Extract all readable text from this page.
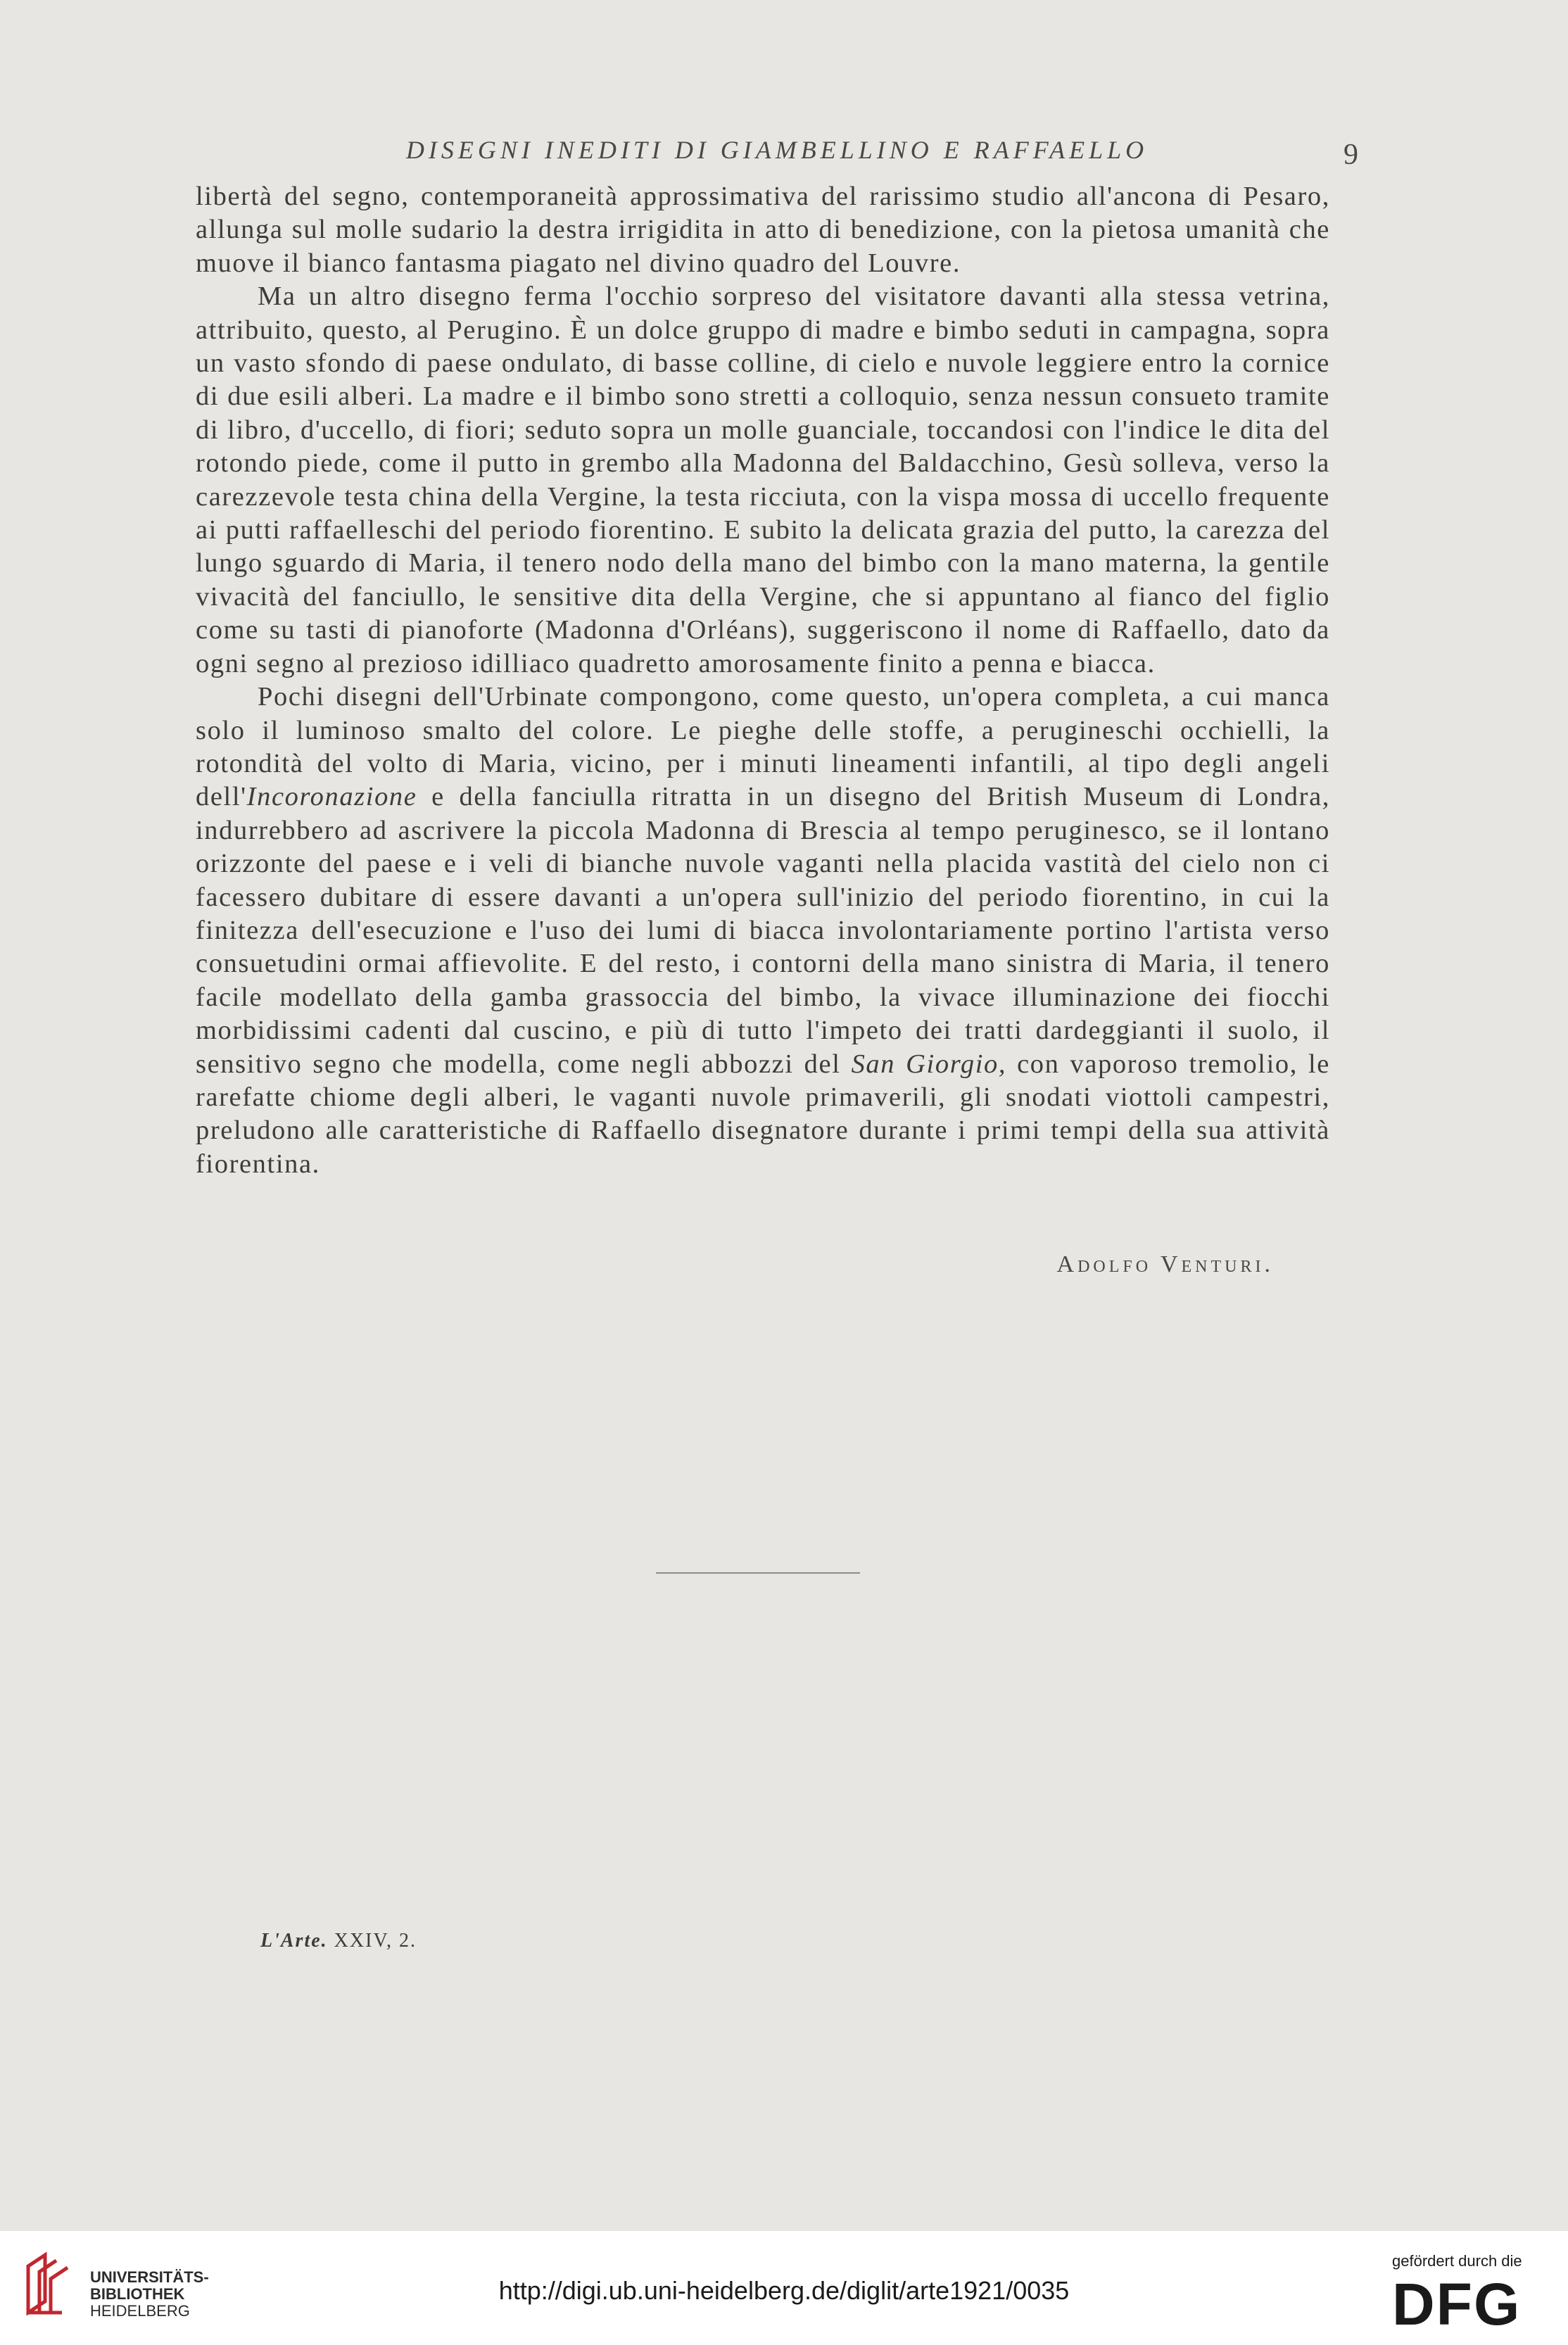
DISEGNI INEDITI DI GIAMBELLINO E RAFFAELLO	9

libertà del segno, contemporaneità approssimativa del rarissimo studio all'ancona di Pesaro, allunga sul molle sudario la destra irrigidita in atto di benedizione, con la pietosa umanità che muove il bianco fantasma piagato nel divino quadro del Louvre.

Ma un altro disegno ferma l'occhio sorpreso del visitatore davanti alla stessa vetrina, attribuito, questo, al Perugino. È un dolce gruppo di madre e bimbo seduti in campagna, sopra un vasto sfondo di paese ondulato, di basse colline, di cielo e nuvole leggiere entro la cornice di due esili alberi. La madre e il bimbo sono stretti a colloquio, senza nessun consueto tramite di libro, d'uccello, di fiori; seduto sopra un molle guanciale, toccandosi con l'indice le dita del rotondo piede, come il putto in grembo alla Madonna del Baldacchino, Gesù solleva, verso la carezzevole testa china della Vergine, la testa ricciuta, con la vispa mossa di uccello frequente ai putti raffaelleschi del periodo fiorentino. E subito la delicata grazia del putto, la carezza del lungo sguardo di Maria, il tenero nodo della mano del bimbo con la mano materna, la gentile vivacità del fanciullo, le sensitive dita della Vergine, che si appuntano al fianco del figlio come su tasti di pianoforte (Madonna d'Orléans), suggeriscono il nome di Raffaello, dato da ogni segno al prezioso idilliaco quadretto amorosamente finito a penna e biacca.

Pochi disegni dell'Urbinate compongono, come questo, un'opera completa, a cui manca solo il luminoso smalto del colore. Le pieghe delle stoffe, a perugineschi occhielli, la rotondità del volto di Maria, vicino, per i minuti lineamenti infantili, al tipo degli angeli dell'Incoronazione e della fanciulla ritratta in un disegno del British Museum di Londra, indurrebbero ad ascrivere la piccola Madonna di Brescia al tempo peruginesco, se il lontano orizzonte del paese e i veli di bianche nuvole vaganti nella placida vastità del cielo non ci facessero dubitare di essere davanti a un'opera sull'inizio del periodo fiorentino, in cui la finitezza dell'esecuzione e l'uso dei lumi di biacca involontariamente portino l'artista verso consuetudini ormai affievolite. E del resto, i contorni della mano sinistra di Maria, il tenero facile modellato della gamba grassoccia del bimbo, la vivace illuminazione dei fiocchi morbidissimi cadenti dal cuscino, e più di tutto l'impeto dei tratti dardeggianti il suolo, il sensitivo segno che modella, come negli abbozzi del San Giorgio, con vaporoso tremolio, le rarefatte chiome degli alberi, le vaganti nuvole primaverili, gli snodati viottoli campestri, preludono alle caratteristiche di Raffaello disegnatore durante i primi tempi della sua attività fiorentina.

Adolfo Venturi.
L'Arte. XXIV, 2.
UNIVERSITÄTS-
BIBLIOTHEK
HEIDELBERG
http://digi.ub.uni-heidelberg.de/diglit/arte1921/0035
gefördert durch die
DFG
